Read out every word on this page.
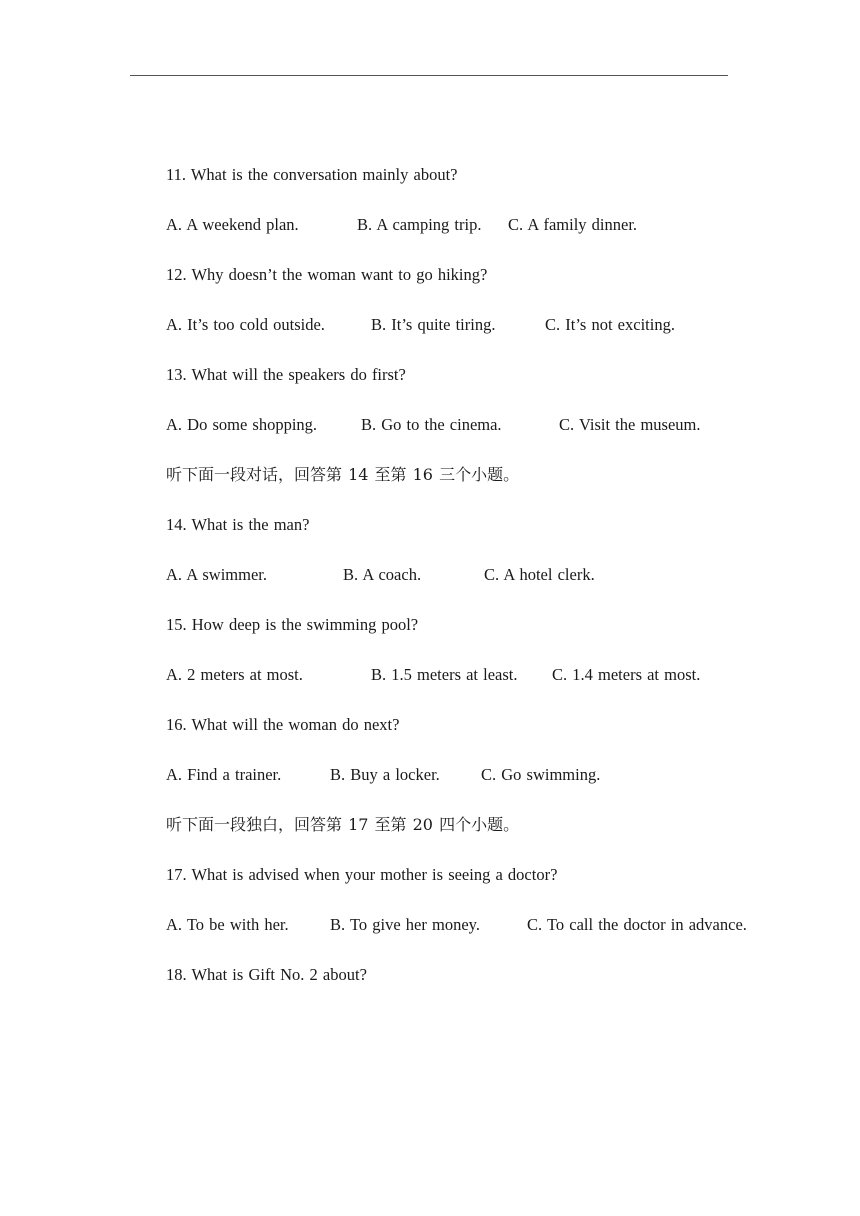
11. What is the conversation mainly about?
A. A weekend plan.	B. A camping trip.	C. A family dinner.
12. Why doesn’t the woman want to go hiking?
A. It’s too cold outside.	B. It’s quite tiring.	C. It’s not exciting.
13. What will the speakers do first?
A. Do some shopping.	B. Go to the cinema.	C. Visit the museum.
听下面一段对话，回答第 14 至第 16 三个小题。
14. What is the man?
A. A swimmer.	B. A coach.	C. A hotel clerk.
15. How deep is the swimming pool?
A. 2 meters at most.	B. 1.5 meters at least.	C. 1.4 meters at most.
16. What will the woman do next?
A. Find a trainer.	B. Buy a locker.	C. Go swimming.
听下面一段独白，回答第 17 至第 20 四个小题。
17. What is advised when your mother is seeing a doctor?
A. To be with her.	B. To give her money.	C. To call the doctor in advance.
18. What is Gift No. 2 about?
